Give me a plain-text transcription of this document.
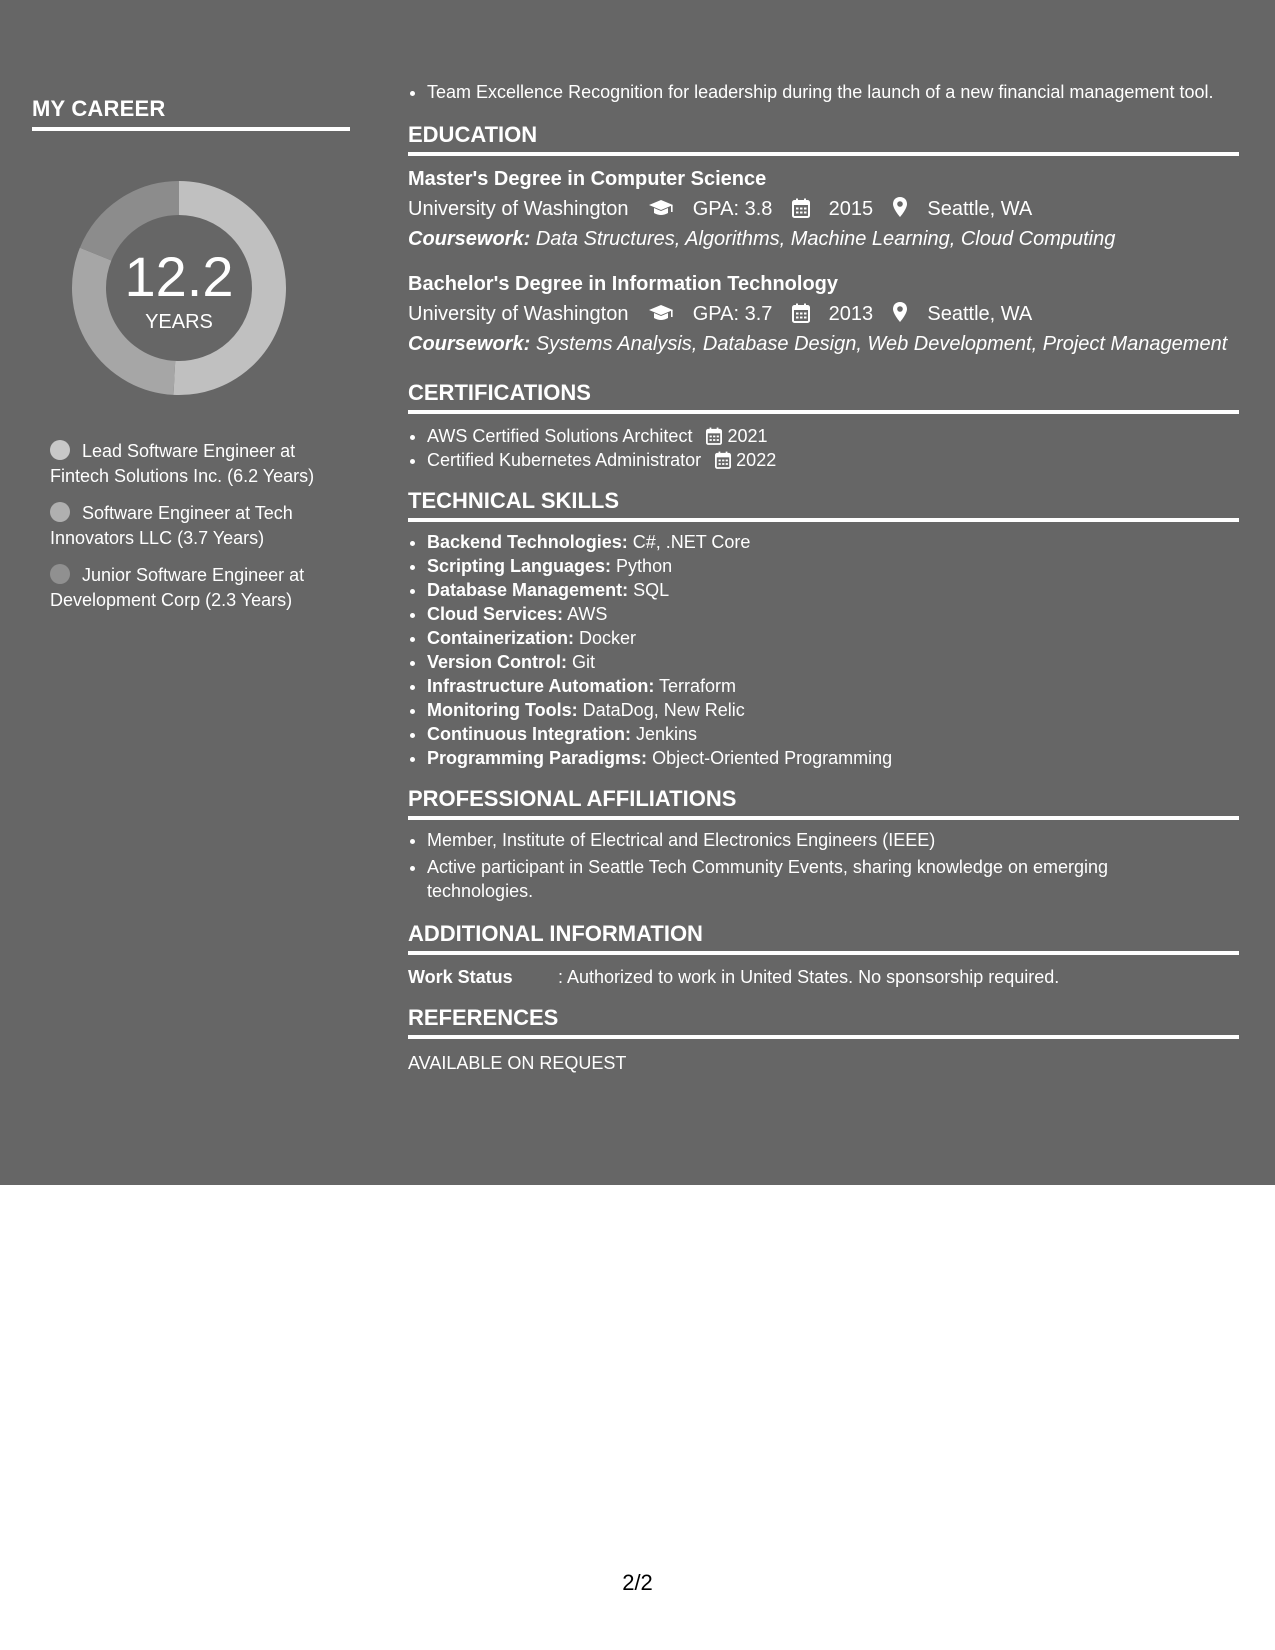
MY CAREER
12.2
YEARS
Lead Software Engineer at Fintech Solutions Inc. (6.2 Years)
Software Engineer at Tech Innovators LLC (3.7 Years)
Junior Software Engineer at Development Corp (2.3 Years)
• Team Excellence Recognition for leadership during the launch of a new financial management tool.
EDUCATION
Master's Degree in Computer Science
University of Washington	GPA: 3.8	2015	Seattle, WA
Coursework: Data Structures, Algorithms, Machine Learning, Cloud Computing
Bachelor's Degree in Information Technology
University of Washington	GPA: 3.7	2013	Seattle, WA
Coursework: Systems Analysis, Database Design, Web Development, Project Management
CERTIFICATIONS
• AWS Certified Solutions Architect 2021
• Certified Kubernetes Administrator 2022
TECHNICAL SKILLS
• Backend Technologies: C#, .NET Core
• Scripting Languages: Python
• Database Management: SQL
• Cloud Services: AWS
• Containerization: Docker
• Version Control: Git
• Infrastructure Automation: Terraform
• Monitoring Tools: DataDog, New Relic
• Continuous Integration: Jenkins
• Programming Paradigms: Object-Oriented Programming
PROFESSIONAL AFFILIATIONS
• Member, Institute of Electrical and Electronics Engineers (IEEE)
• Active participant in Seattle Tech Community Events, sharing knowledge on emerging technologies.
ADDITIONAL INFORMATION
Work Status	: Authorized to work in United States. No sponsorship required.
REFERENCES
AVAILABLE ON REQUEST
2/2
